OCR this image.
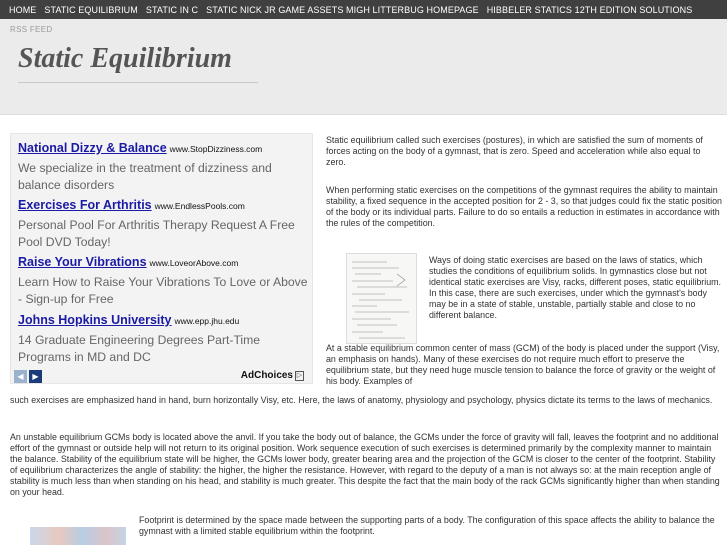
HOME STATIC EQUILIBRIUM STATIC IN C STATIC NICK JR GAME ASSETS MIGH LITTERBUG HOMEPAGE HIBBELER STATICS 12TH EDITION SOLUTIONS
RSS FEED
Static Equilibrium
National Dizzy & Balance www.StopDizziness.com
We specialize in the treatment of dizziness and balance disorders
Exercises For Arthritis www.EndlessPools.com
Personal Pool For Arthritis Therapy Request A Free Pool DVD Today!
Raise Your Vibrations www.LoveorAbove.com
Learn How to Raise Your Vibrations To Love or Above - Sign-up for Free
Johns Hopkins University www.epp.jhu.edu
14 Graduate Engineering Degrees Part-Time Programs in MD and DC
◀	▶	AdChoices ▷

Static equilibrium called such exercises (postures), in which are satisfied the sum of moments of forces acting on the body of a gymnast, that is zero. Speed and acceleration while also equal to zero.

When performing static exercises on the competitions of the gymnast requires the ability to maintain stability, a fixed sequence in the accepted position for 2 - 3, so that judges could fix the static position of the body or its individual parts. Failure to do so entails a reduction in estimates in accordance with the rules of the competition.

Ways of doing static exercises are based on the laws of statics, which studies the conditions of equilibrium solids. In gymnastics close but not identical static exercises are Visy, racks, different poses, static equilibrium. In this case, there are such exercises, under which the gymnast's body may be in a state of stable, unstable, partially stable and close to no different balance.

At a stable equilibrium common center of mass (GCM) of the body is placed under the support (Visy, an emphasis on hands). Many of these exercises do not require much effort to preserve the equilibrium state, but they need huge muscle tension to balance the force of gravity or the weight of his body. Examples of

such exercises are emphasized hand in hand, burn horizontally Visy, etc. Here, the laws of anatomy, physiology and psychology, physics dictate its terms to the laws of mechanics.

An unstable equilibrium GCMs body is located above the anvil. If you take the body out of balance, the GCMs under the force of gravity will fall, leaves the footprint and no additional effort of the gymnast or outside help will not return to its original position. Work sequence execution of such exercises is determined primarily by the complexity manner to maintain the balance. Stability of the equilibrium state will be higher, the GCMs lower body, greater bearing area and the projection of the GCM is closer to the center of the footprint. Stability of equilibrium characterizes the angle of stability: the higher, the higher the resistance. However, with regard to the deputy of a man is not always so: at the main reception angle of stability is much less than when standing on his head, and stability is much greater. This despite the fact that the main body of the rack GCMs significantly higher than when standing on your head.

Footprint is determined by the space made between the supporting parts of a body. The configuration of this space affects the ability to balance the gymnast with a limited stable equilibrium within the footprint.
